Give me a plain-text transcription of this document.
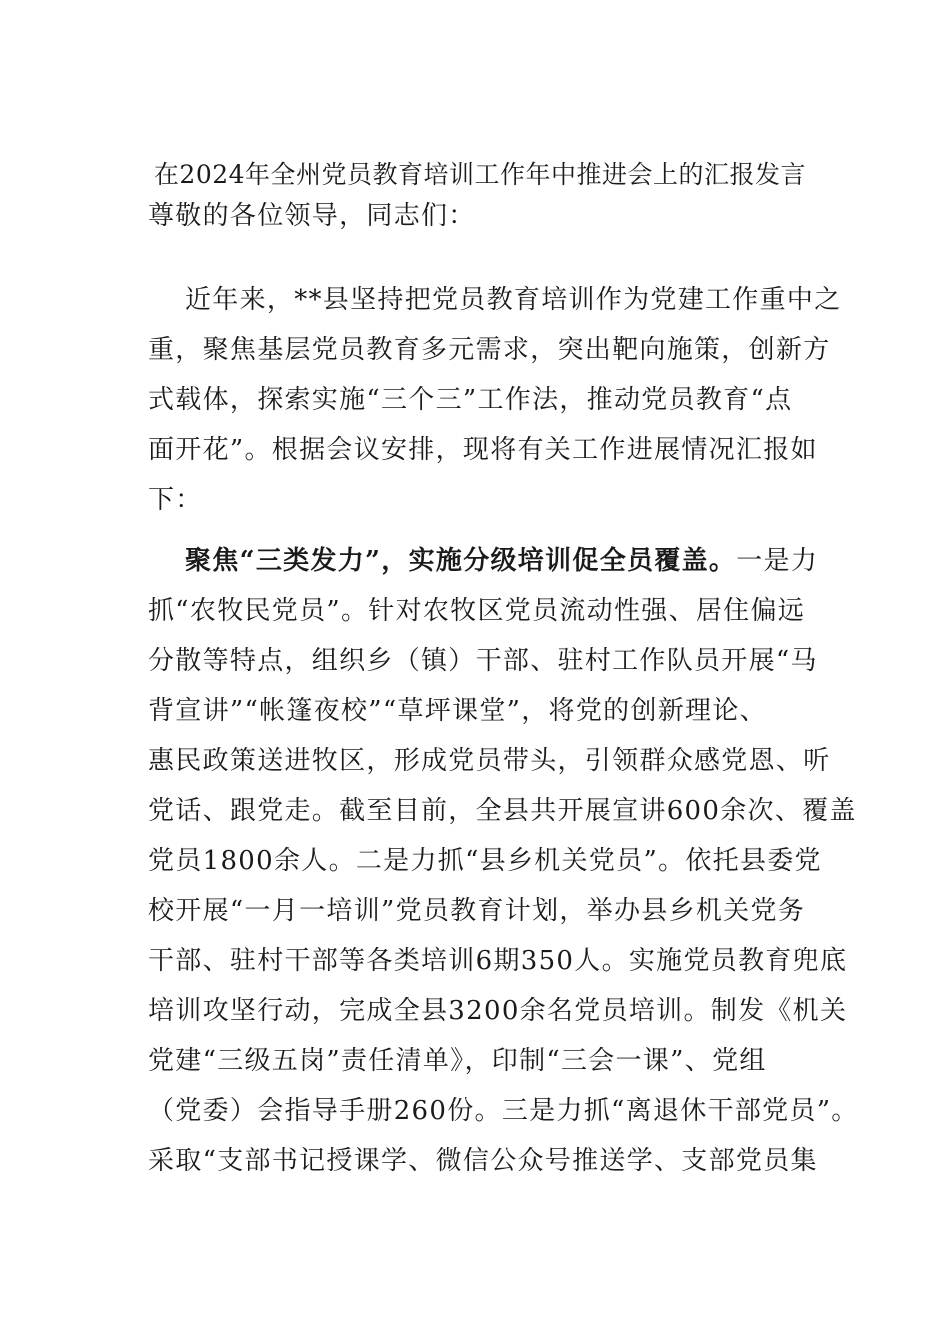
在2024年全州党员教育培训工作年中推进会上的汇报发言
尊敬的各位领导，同志们：
近年来，**县坚持把党员教育培训作为党建工作重中之
重，聚焦基层党员教育多元需求，突出靶向施策，创新方
式载体，探索实施“三个三”工作法，推动党员教育“点
面开花”。根据会议安排，现将有关工作进展情况汇报如
下：
聚焦“三类发力”，实施分级培训促全员覆盖。一是力
抓“农牧民党员”。针对农牧区党员流动性强、居住偏远
分散等特点，组织乡（镇）干部、驻村工作队员开展“马
背宣讲”“帐篷夜校”“草坪课堂”，将党的创新理论、
惠民政策送进牧区，形成党员带头，引领群众感党恩、听
党话、跟党走。截至目前，全县共开展宣讲600余次、覆盖
党员1800余人。二是力抓“县乡机关党员”。依托县委党
校开展“一月一培训”党员教育计划，举办县乡机关党务
干部、驻村干部等各类培训6期350人。实施党员教育兜底
培训攻坚行动，完成全县3200余名党员培训。制发《机关
党建“三级五岗”责任清单》，印制“三会一课”、党组
（党委）会指导手册260份。三是力抓“离退休干部党员”。
采取“支部书记授课学、微信公众号推送学、支部党员集
